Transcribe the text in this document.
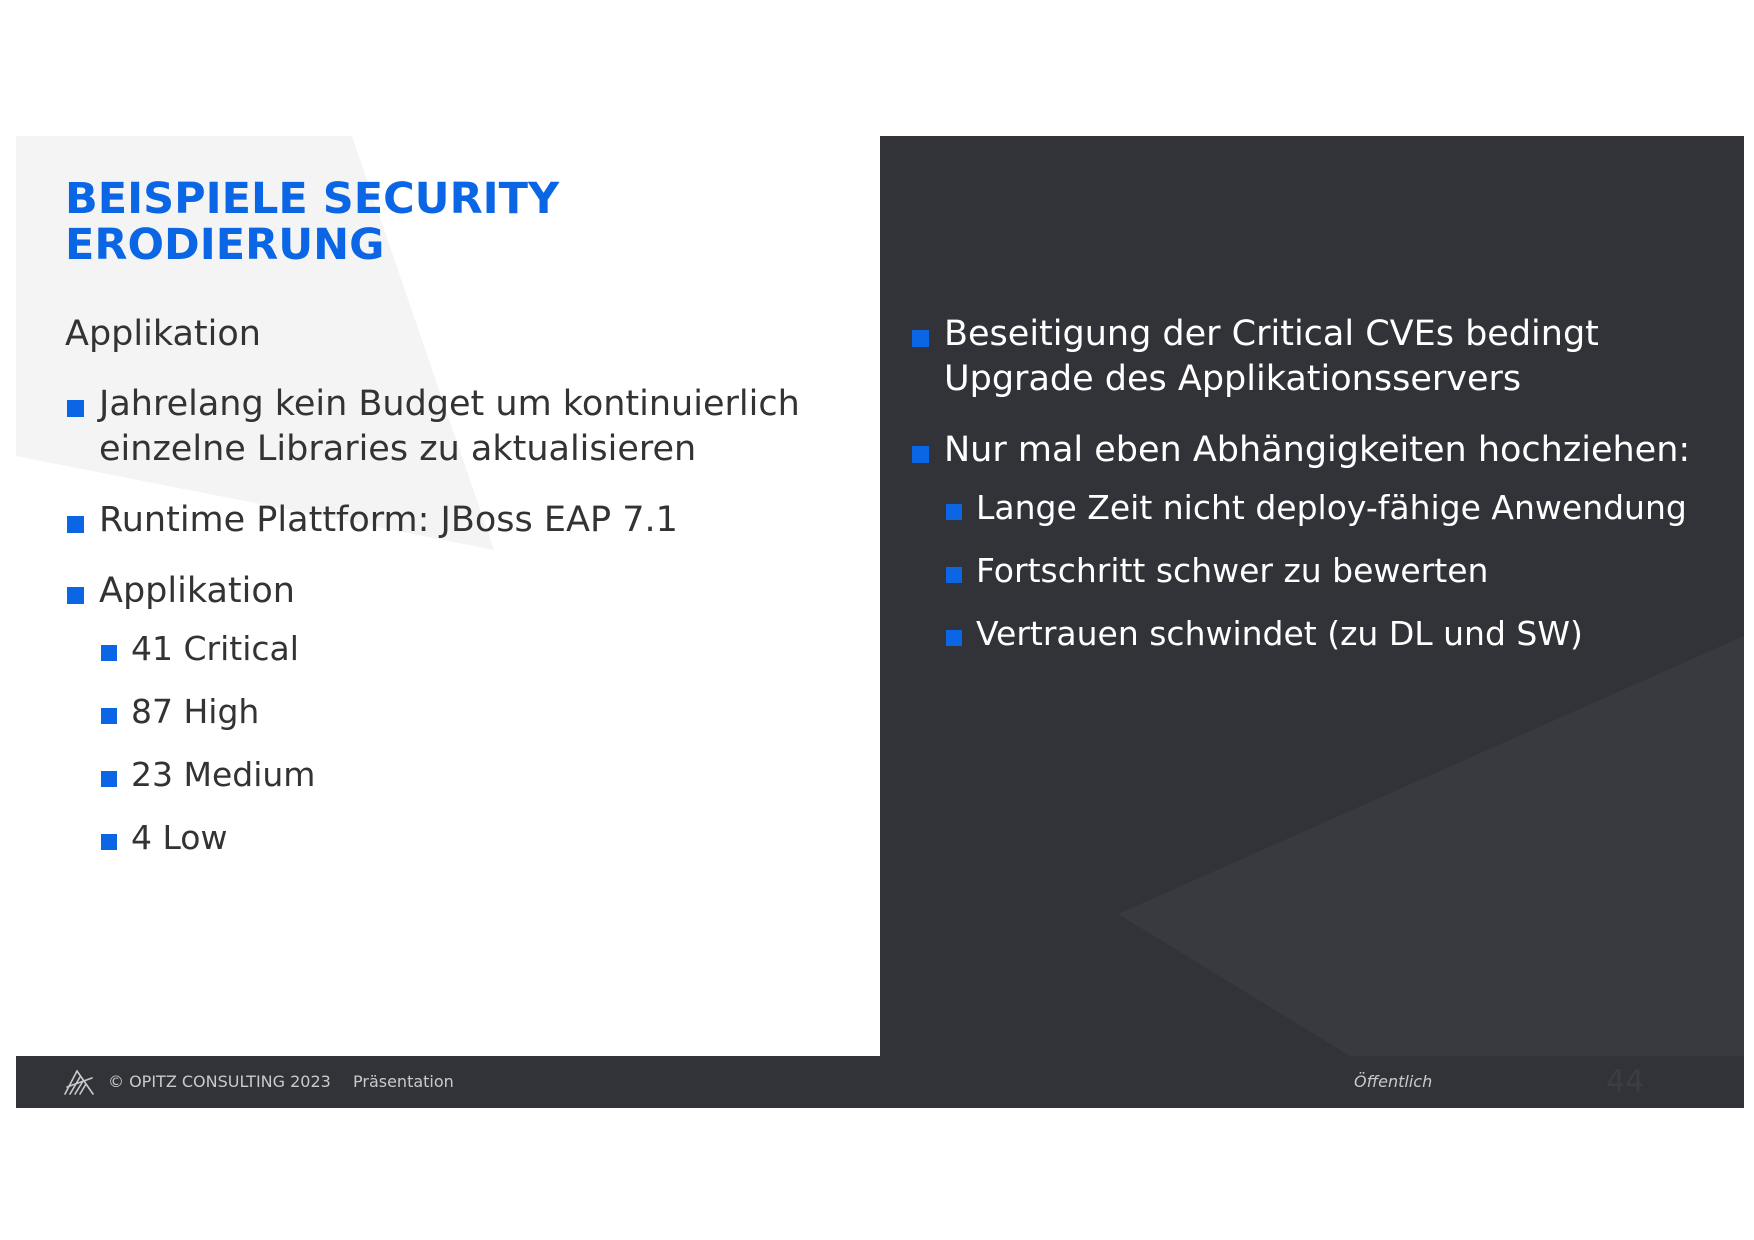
BEISPIELE SECURITY
ERODIERUNG
Applikation
Jahrelang kein Budget um kontinuierlich einzelne Libraries zu aktualisieren
Runtime Plattform: JBoss EAP 7.1
Applikation
41 Critical
87 High
23 Medium
4 Low
Beseitigung der Critical CVEs bedingt Upgrade des Applikationsservers
Nur mal eben Abhängigkeiten hochziehen:
Lange Zeit nicht deploy-fähige Anwendung
Fortschritt schwer zu bewerten
Vertrauen schwindet (zu DL und SW)
© OPITZ CONSULTING 2023 Präsentation	Öffentlich	44
